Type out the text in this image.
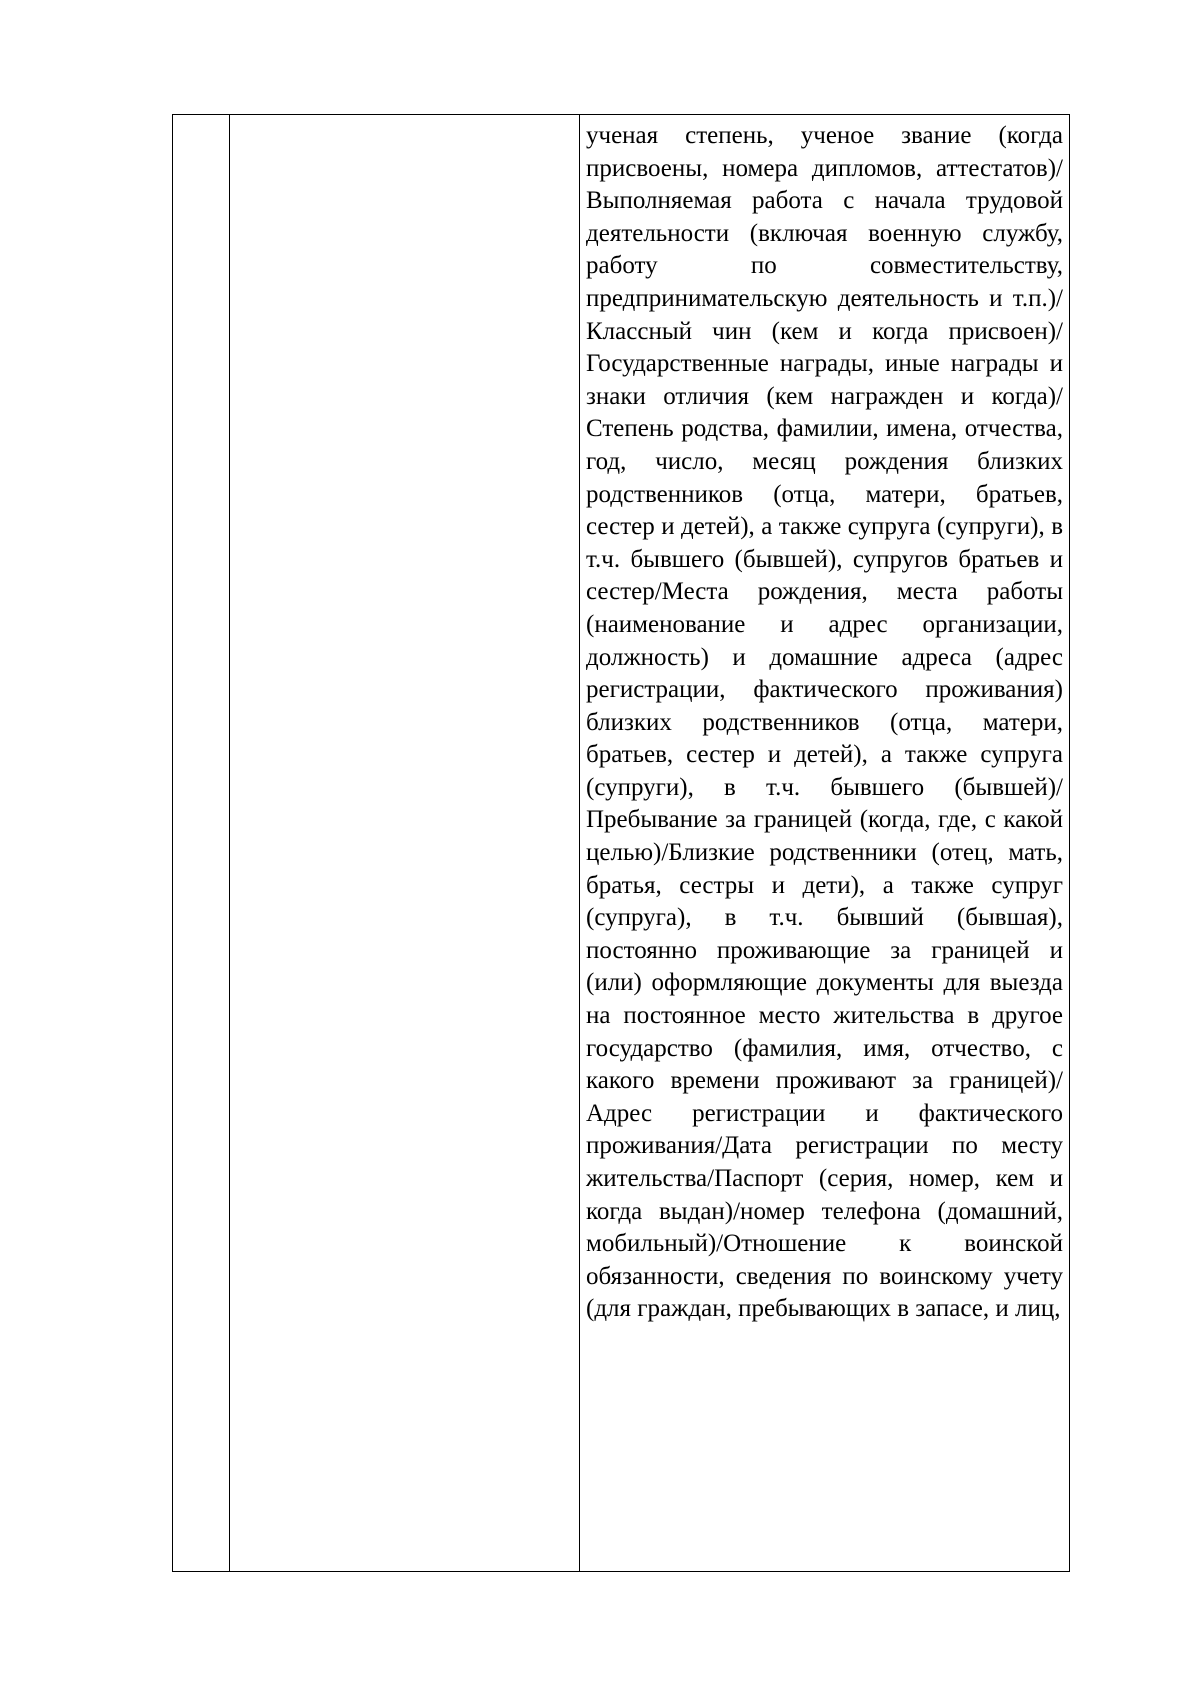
ученая степень, ученое звание (когда присвоены, номера дипломов, аттестатов)/Выполняемая работа с начала трудовой деятельности (включая военную службу, работу по совместительству, предпринимательскую деятельность и т.п.)/Классный чин (кем и когда присвоен)/Государственные награды, иные награды и знаки отличия (кем награжден и когда)/Степень родства, фамилии, имена, отчества, год, число, месяц рождения близких родственников (отца, матери, братьев, сестер и детей), а также супруга (супруги), в т.ч. бывшего (бывшей), супругов братьев и сестер/Места рождения, места работы (наименование и адрес организации, должность) и домашние адреса (адрес регистрации, фактического проживания) близких родственников (отца, матери, братьев, сестер и детей), а также супруга (супруги), в т.ч. бывшего (бывшей)/Пребывание за границей (когда, где, с какой целью)/Близкие родственники (отец, мать, братья, сестры и дети), а также супруг (супруга), в т.ч. бывший (бывшая), постоянно проживающие за границей и (или) оформляющие документы для выезда на постоянное место жительства в другое государство (фамилия, имя, отчество, с какого времени проживают за границей)/Адрес регистрации и фактического проживания/Дата регистрации по месту жительства/Паспорт (серия, номер, кем и когда выдан)/номер телефона (домашний, мобильный)/Отношение к воинской обязанности, сведения по воинскому учету (для граждан, пребывающих в запасе, и лиц,
